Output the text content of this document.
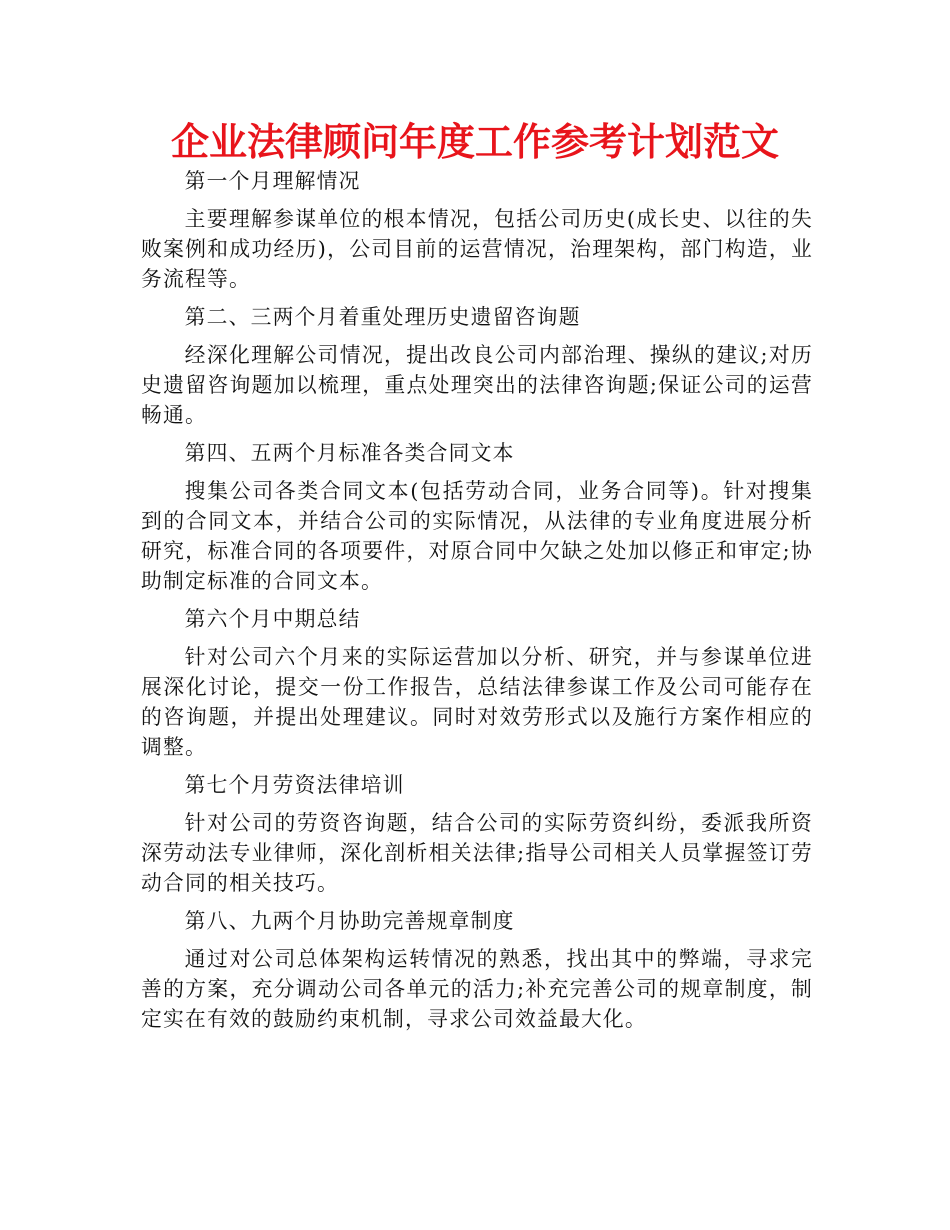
企业法律顾问年度工作参考计划范文

第一个月理解情况

主要理解参谋单位的根本情况，包括公司历史(成长史、以往的失败案例和成功经历)，公司目前的运营情况，治理架构，部门构造，业务流程等。

第二、三两个月着重处理历史遗留咨询题

经深化理解公司情况，提出改良公司内部治理、操纵的建议;对历史遗留咨询题加以梳理，重点处理突出的法律咨询题;保证公司的运营畅通。

第四、五两个月标准各类合同文本

搜集公司各类合同文本(包括劳动合同，业务合同等)。针对搜集到的合同文本，并结合公司的实际情况，从法律的专业角度进展分析研究，标准合同的各项要件，对原合同中欠缺之处加以修正和审定;协助制定标准的合同文本。

第六个月中期总结

针对公司六个月来的实际运营加以分析、研究，并与参谋单位进展深化讨论，提交一份工作报告，总结法律参谋工作及公司可能存在的咨询题，并提出处理建议。同时对效劳形式以及施行方案作相应的调整。

第七个月劳资法律培训

针对公司的劳资咨询题，结合公司的实际劳资纠纷，委派我所资深劳动法专业律师，深化剖析相关法律;指导公司相关人员掌握签订劳动合同的相关技巧。

第八、九两个月协助完善规章制度

通过对公司总体架构运转情况的熟悉，找出其中的弊端，寻求完善的方案，充分调动公司各单元的活力;补充完善公司的规章制度，制定实在有效的鼓励约束机制，寻求公司效益最大化。
